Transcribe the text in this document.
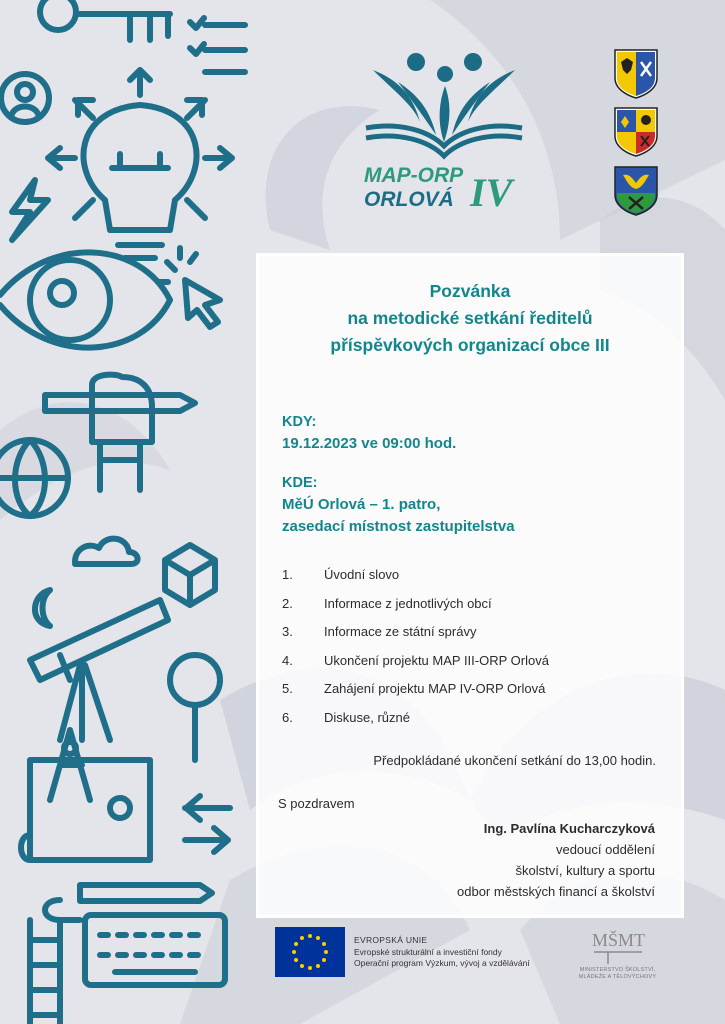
MAP-ORP
ORLOVÁ IV
Pozvánka
na metodické setkání ředitelů
příspěvkových organizací obce III
KDY:
19.12.2023 ve 09:00 hod.
KDE:
MěÚ Orlová – 1. patro,
zasedací místnost zastupitelstva
1. Úvodní slovo
2. Informace z jednotlivých obcí
3. Informace ze státní správy
4. Ukončení projektu MAP III-ORP Orlová
5. Zahájení projektu MAP IV-ORP Orlová
6. Diskuse, různé
Předpokládané ukončení setkání do 13,00 hodin.
S pozdravem
Ing. Pavlína Kucharczyková
vedoucí oddělení
školství, kultury a sportu
odbor městských financí a školství
EVROPSKÁ UNIE
Evropské strukturální a investiční fondy
Operační program Výzkum, vývoj a vzdělávání
MŠMT
MINISTERSTVO ŠKOLSTVÍ,
MLÁDEŽE A TĚLOVÝCHOVY
